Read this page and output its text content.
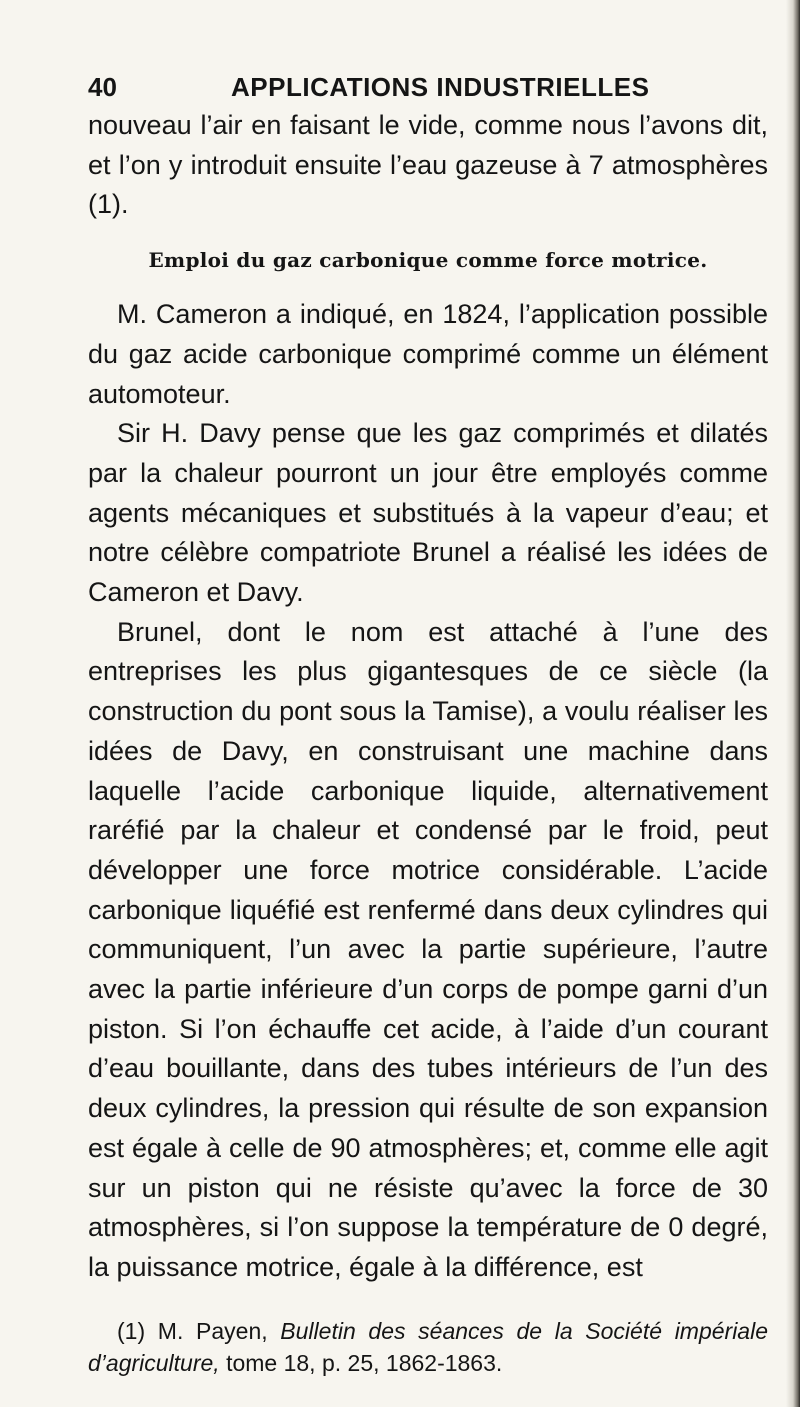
40	APPLICATIONS INDUSTRIELLES

nouveau l’air en faisant le vide, comme nous l’avons dit, et l’on y introduit ensuite l’eau gazeuse à 7 atmosphères (1).

Emploi du gaz carbonique comme force motrice.

M. Cameron a indiqué, en 1824, l’application possible du gaz acide carbonique comprimé comme un élément automoteur.

Sir H. Davy pense que les gaz comprimés et dilatés par la chaleur pourront un jour être employés comme agents mécaniques et substitués à la vapeur d’eau; et notre célèbre compatriote Brunel a réalisé les idées de Cameron et Davy.

Brunel, dont le nom est attaché à l’une des entreprises les plus gigantesques de ce siècle (la construction du pont sous la Tamise), a voulu réaliser les idées de Davy, en construisant une machine dans laquelle l’acide carbonique liquide, alternativement raréfié par la chaleur et condensé par le froid, peut développer une force motrice considérable. L’acide carbonique liquéfié est renfermé dans deux cylindres qui communiquent, l’un avec la partie supérieure, l’autre avec la partie inférieure d’un corps de pompe garni d’un piston. Si l’on échauffe cet acide, à l’aide d’un courant d’eau bouillante, dans des tubes intérieurs de l’un des deux cylindres, la pression qui résulte de son expansion est égale à celle de 90 atmosphères; et, comme elle agit sur un piston qui ne résiste qu’avec la force de 30 atmosphères, si l’on suppose la température de 0 degré, la puissance motrice, égale à la différence, est

(1) M. Payen, Bulletin des séances de la Société impériale d’agriculture, tome 18, p. 25, 1862-1863.
